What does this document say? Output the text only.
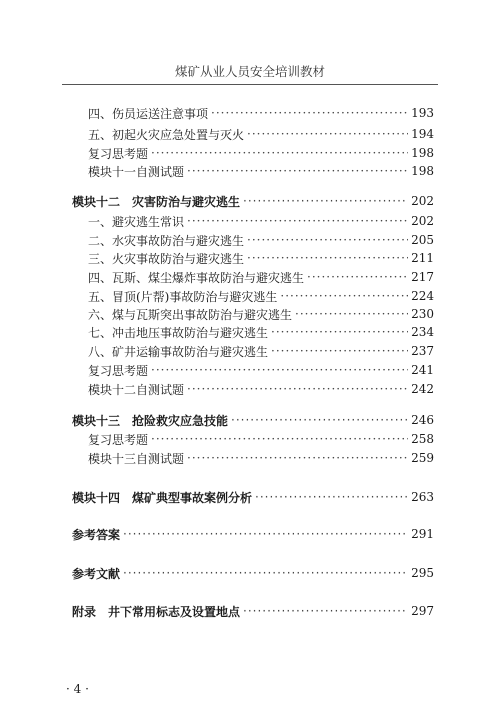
煤矿从业人员安全培训教材
四、伤员运送注意事项 ·····	193
五、初起火灾应急处置与灭火 ·····	194
复习思考题 ·····	198
模块十一自测试题 ·····	198
模块十二　灾害防治与避灾逃生 ·····	202
一、避灾逃生常识 ·····	202
二、水灾事故防治与避灾逃生 ·····	205
三、火灾事故防治与避灾逃生 ·····	211
四、瓦斯、煤尘爆炸事故防治与避灾逃生 ·····	217
五、冒顶(片帮)事故防治与避灾逃生 ·····	224
六、煤与瓦斯突出事故防治与避灾逃生 ·····	230
七、冲击地压事故防治与避灾逃生 ·····	234
八、矿井运输事故防治与避灾逃生 ·····	237
复习思考题 ·····	241
模块十二自测试题 ·····	242
模块十三　抢险救灾应急技能 ·····	246
复习思考题 ·····	258
模块十三自测试题 ·····	259
模块十四　煤矿典型事故案例分析 ·····	263
参考答案 ·····	291
参考文献 ·····	295
附录　井下常用标志及设置地点 ·····	297
· 4 ·
